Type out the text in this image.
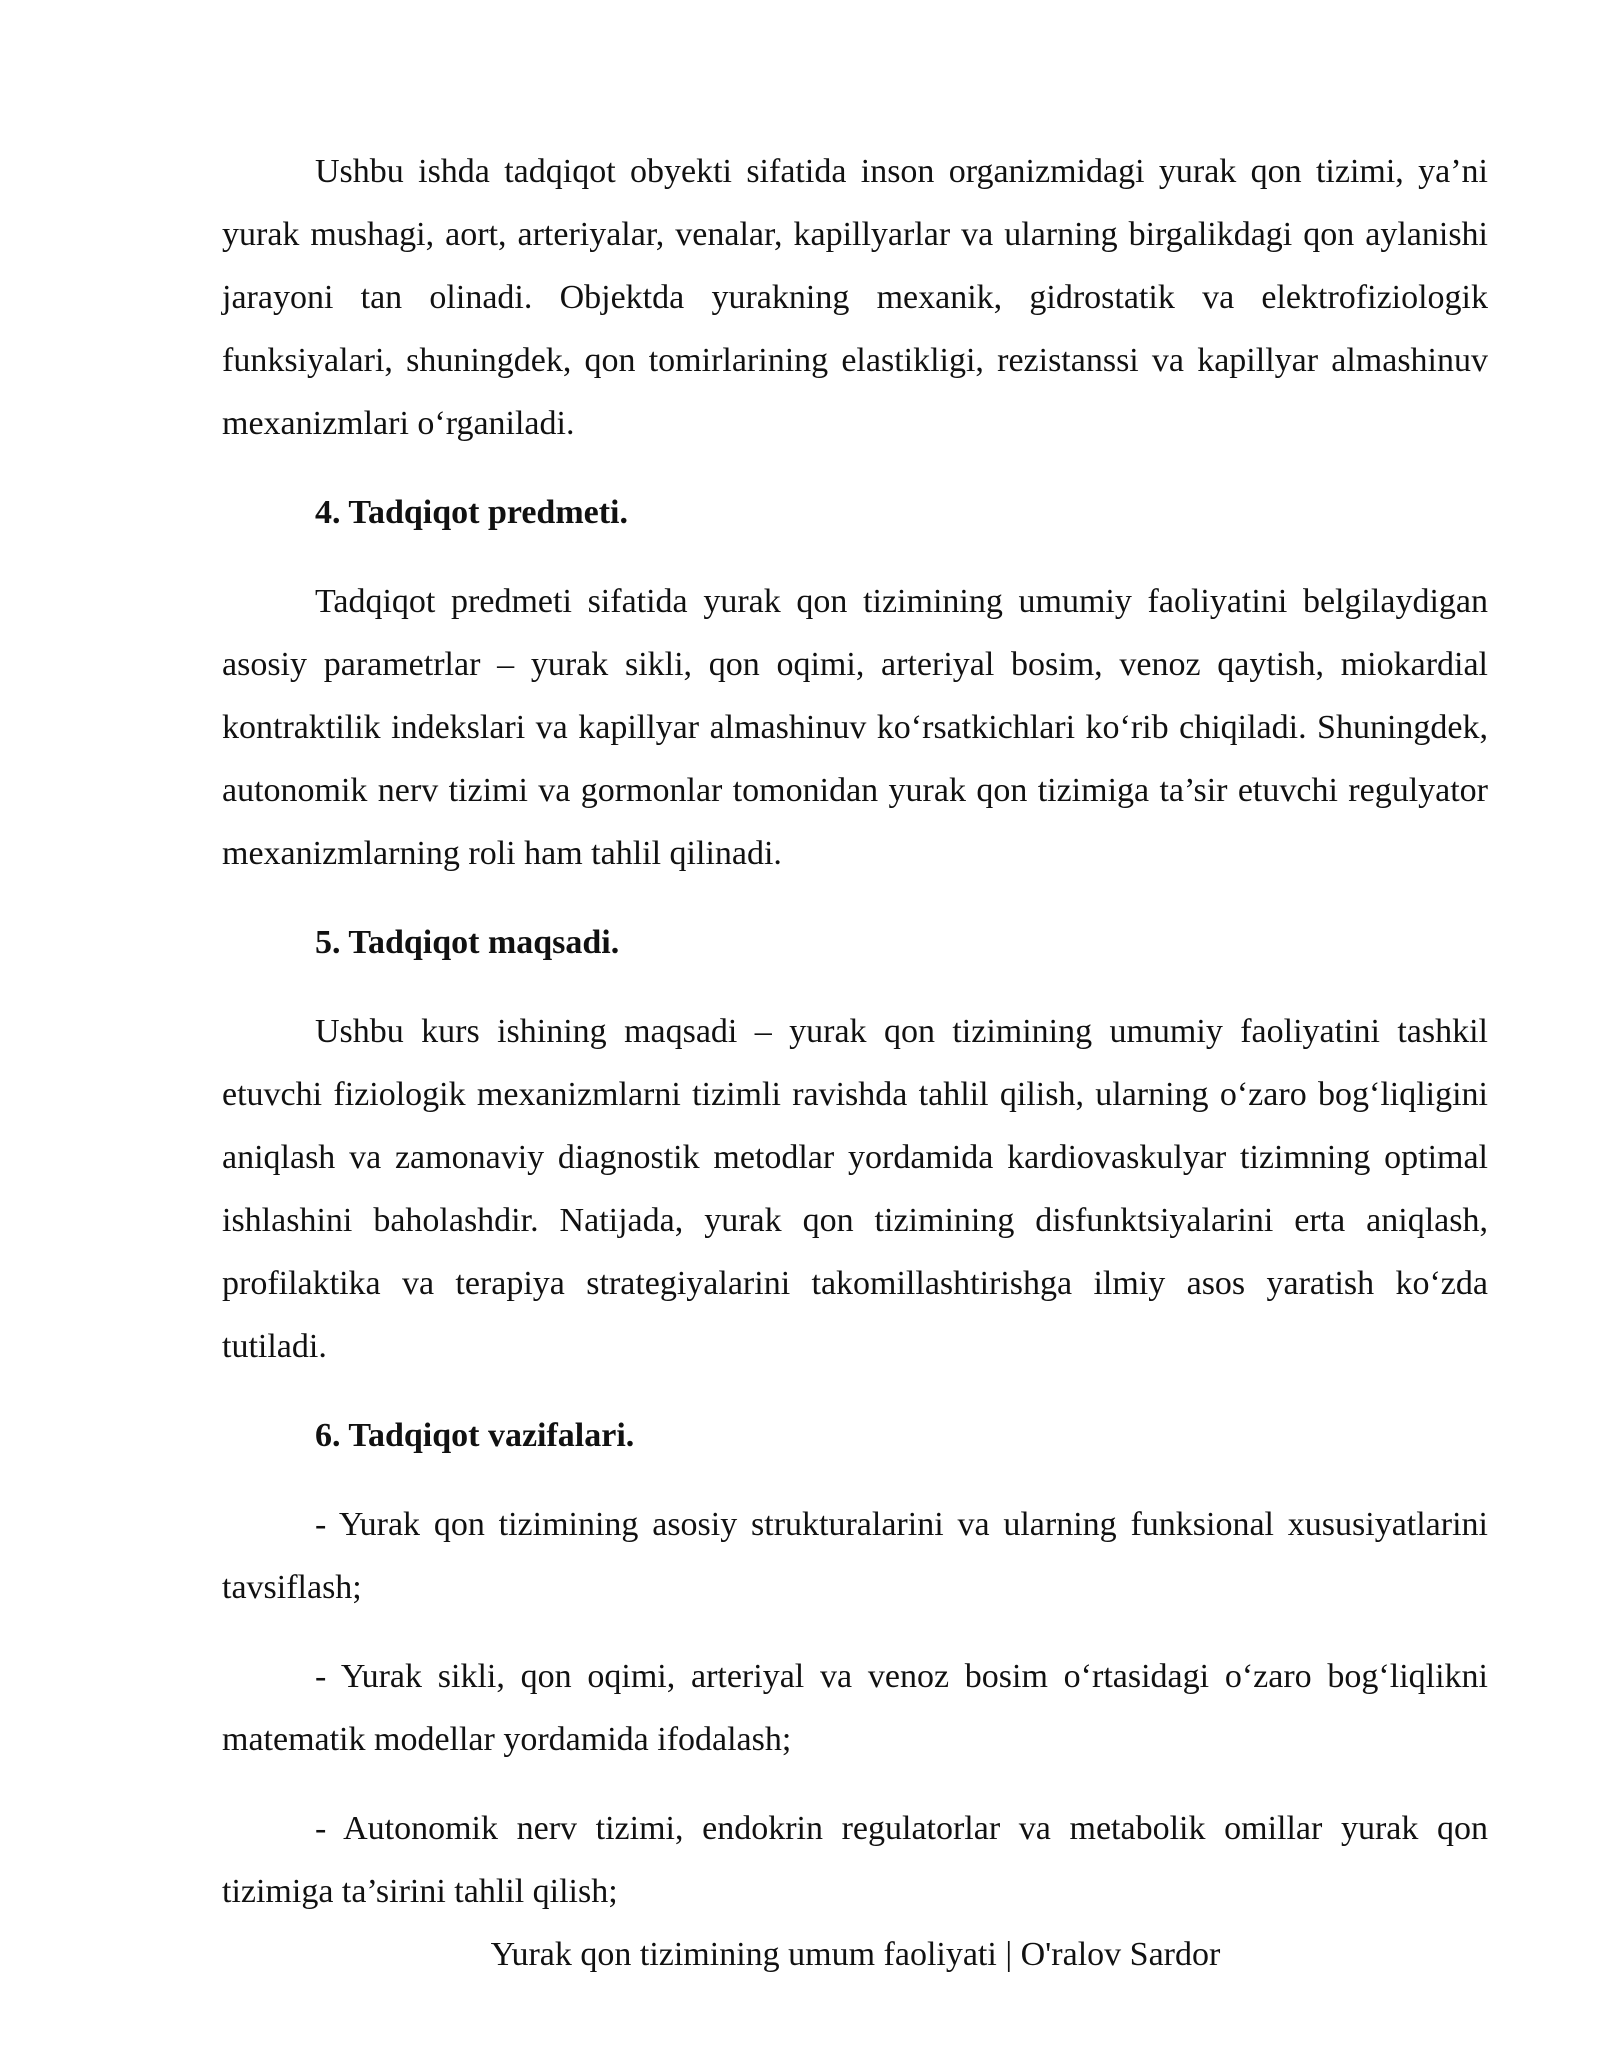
Ushbu ishda tadqiqot obyekti sifatida inson organizmidagi yurak qon tizimi, ya’ni yurak mushagi, aort, arteriyalar, venalar, kapillyarlar va ularning birgalikdagi qon aylanishi jarayoni tan olinadi. Objektda yurakning mexanik, gidrostatik va elektrofiziologik funksiyalari, shuningdek, qon tomirlarining elastikligi, rezistanssi va kapillyar almashinuv mexanizmlari o‘rganiladi.

4. Tadqiqot predmeti.

Tadqiqot predmeti sifatida yurak qon tizimining umumiy faoliyatini belgilaydigan asosiy parametrlar – yurak sikli, qon oqimi, arteriyal bosim, venoz qaytish, miokardial kontraktilik indekslari va kapillyar almashinuv ko‘rsatkichlari ko‘rib chiqiladi. Shuningdek, autonomik nerv tizimi va gormonlar tomonidan yurak qon tizimiga ta’sir etuvchi regulyator mexanizmlarning roli ham tahlil qilinadi.

5. Tadqiqot maqsadi.

Ushbu kurs ishining maqsadi – yurak qon tizimining umumiy faoliyatini tashkil etuvchi fiziologik mexanizmlarni tizimli ravishda tahlil qilish, ularning o‘zaro bog‘liqligini aniqlash va zamonaviy diagnostik metodlar yordamida kardiovaskulyar tizimning optimal ishlashini baholashdir. Natijada, yurak qon tizimining disfunktsiyalarini erta aniqlash, profilaktika va terapiya strategiyalarini takomillashtirishga ilmiy asos yaratish ko‘zda tutiladi.

6. Tadqiqot vazifalari.

- Yurak qon tizimining asosiy strukturalarini va ularning funksional xususiyatlarini tavsiflash;

- Yurak sikli, qon oqimi, arteriyal va venoz bosim o‘rtasidagi o‘zaro bog‘liqlikni matematik modellar yordamida ifodalash;

- Autonomik nerv tizimi, endokrin regulatorlar va metabolik omillar yurak qon tizimiga ta’sirini tahlil qilish;

Yurak qon tizimining umum faoliyati | O'ralov Sardor
